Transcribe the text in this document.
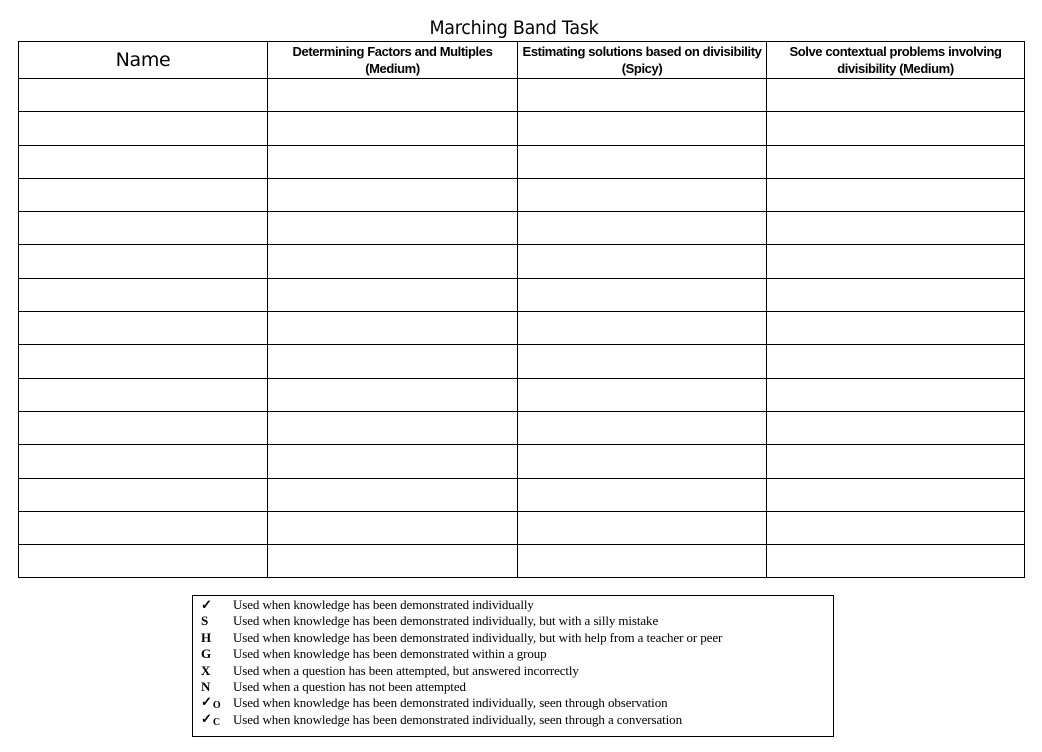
Marching Band Task
Name	Determining Factors and Multiples (Medium)	Estimating solutions based on divisibility (Spicy)	Solve contextual problems involving divisibility (Medium)

✓	Used when knowledge has been demonstrated individually
S	Used when knowledge has been demonstrated individually, but with a silly mistake
H	Used when knowledge has been demonstrated individually, but with help from a teacher or peer
G	Used when knowledge has been demonstrated within a group
X	Used when a question has been attempted, but answered incorrectly
N	Used when a question has not been attempted
✓O Used when knowledge has been demonstrated individually, seen through observation
✓C Used when knowledge has been demonstrated individually, seen through a conversation
